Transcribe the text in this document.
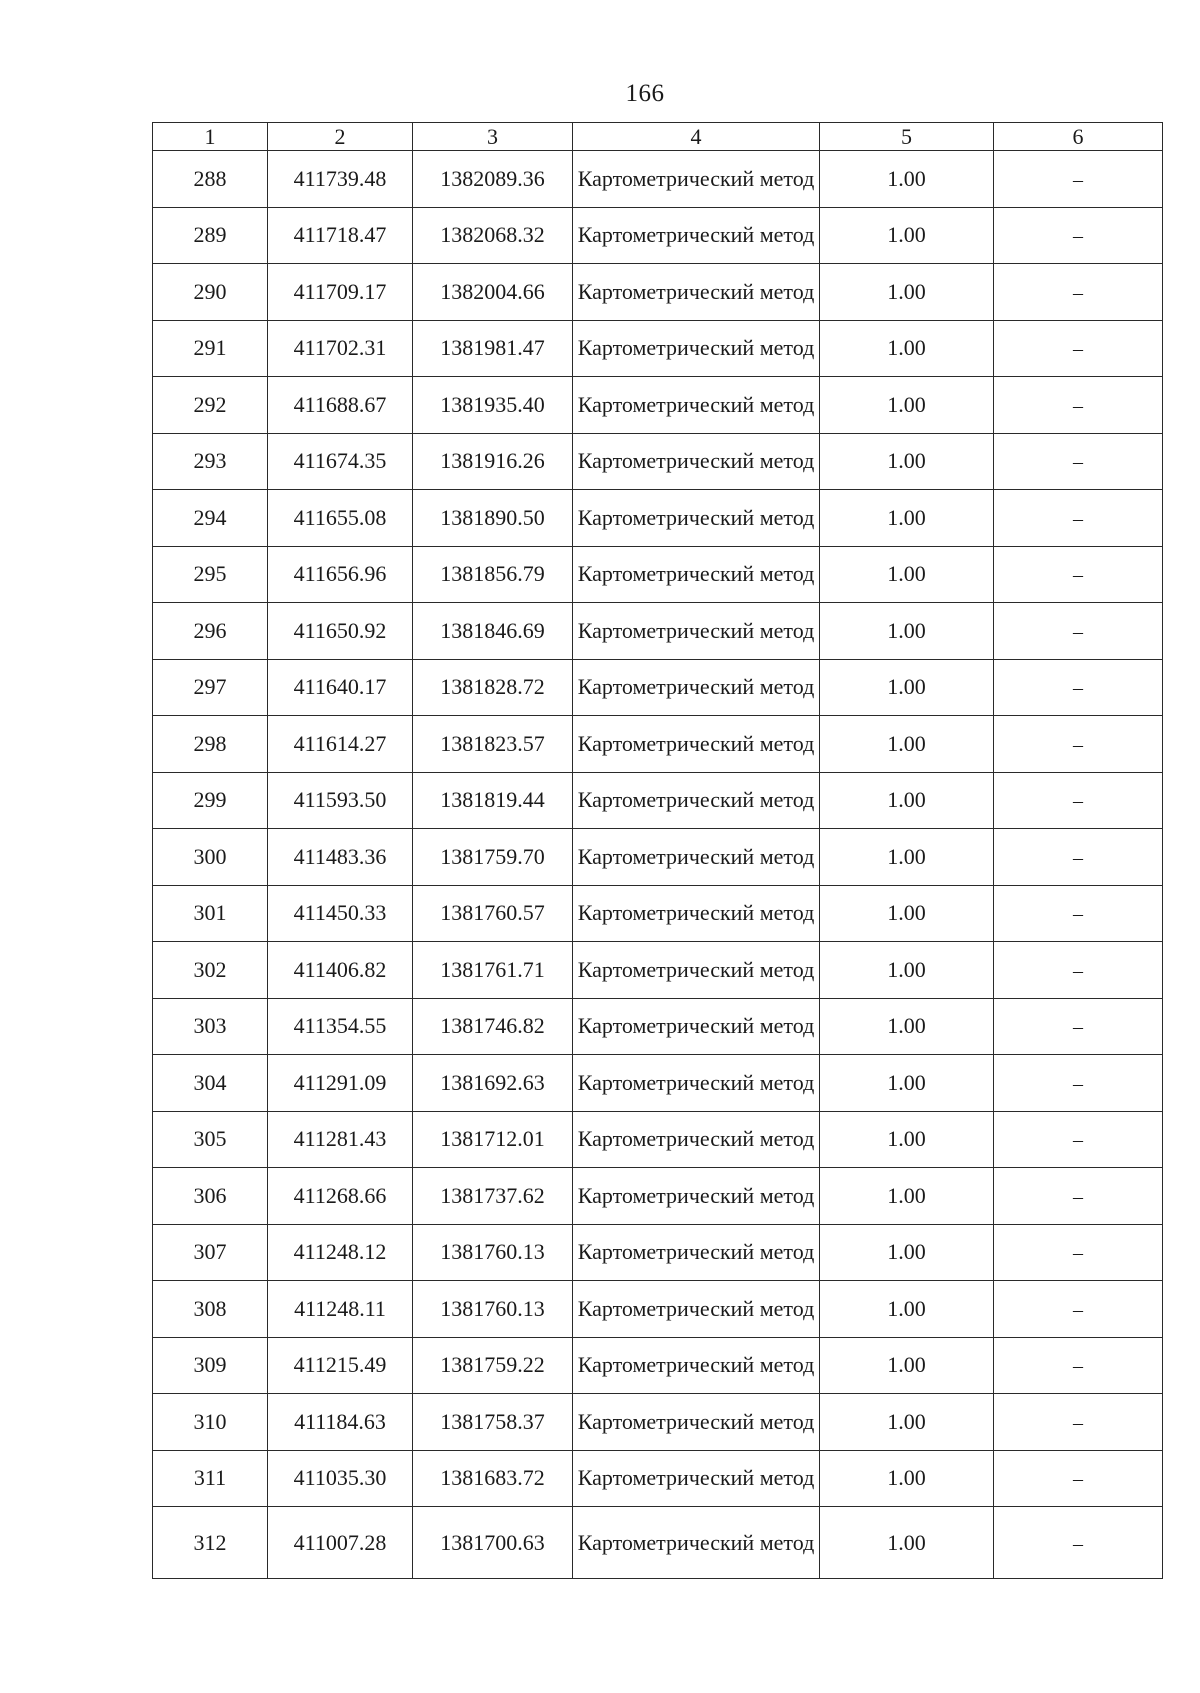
166
1	2	3	4	5	6
288	411739.48	1382089.36	Картометрический метод	1.00	–
289	411718.47	1382068.32	Картометрический метод	1.00	–
290	411709.17	1382004.66	Картометрический метод	1.00	–
291	411702.31	1381981.47	Картометрический метод	1.00	–
292	411688.67	1381935.40	Картометрический метод	1.00	–
293	411674.35	1381916.26	Картометрический метод	1.00	–
294	411655.08	1381890.50	Картометрический метод	1.00	–
295	411656.96	1381856.79	Картометрический метод	1.00	–
296	411650.92	1381846.69	Картометрический метод	1.00	–
297	411640.17	1381828.72	Картометрический метод	1.00	–
298	411614.27	1381823.57	Картометрический метод	1.00	–
299	411593.50	1381819.44	Картометрический метод	1.00	–
300	411483.36	1381759.70	Картометрический метод	1.00	–
301	411450.33	1381760.57	Картометрический метод	1.00	–
302	411406.82	1381761.71	Картометрический метод	1.00	–
303	411354.55	1381746.82	Картометрический метод	1.00	–
304	411291.09	1381692.63	Картометрический метод	1.00	–
305	411281.43	1381712.01	Картометрический метод	1.00	–
306	411268.66	1381737.62	Картометрический метод	1.00	–
307	411248.12	1381760.13	Картометрический метод	1.00	–
308	411248.11	1381760.13	Картометрический метод	1.00	–
309	411215.49	1381759.22	Картометрический метод	1.00	–
310	411184.63	1381758.37	Картометрический метод	1.00	–
311	411035.30	1381683.72	Картометрический метод	1.00	–
312	411007.28	1381700.63	Картометрический метод	1.00	–
